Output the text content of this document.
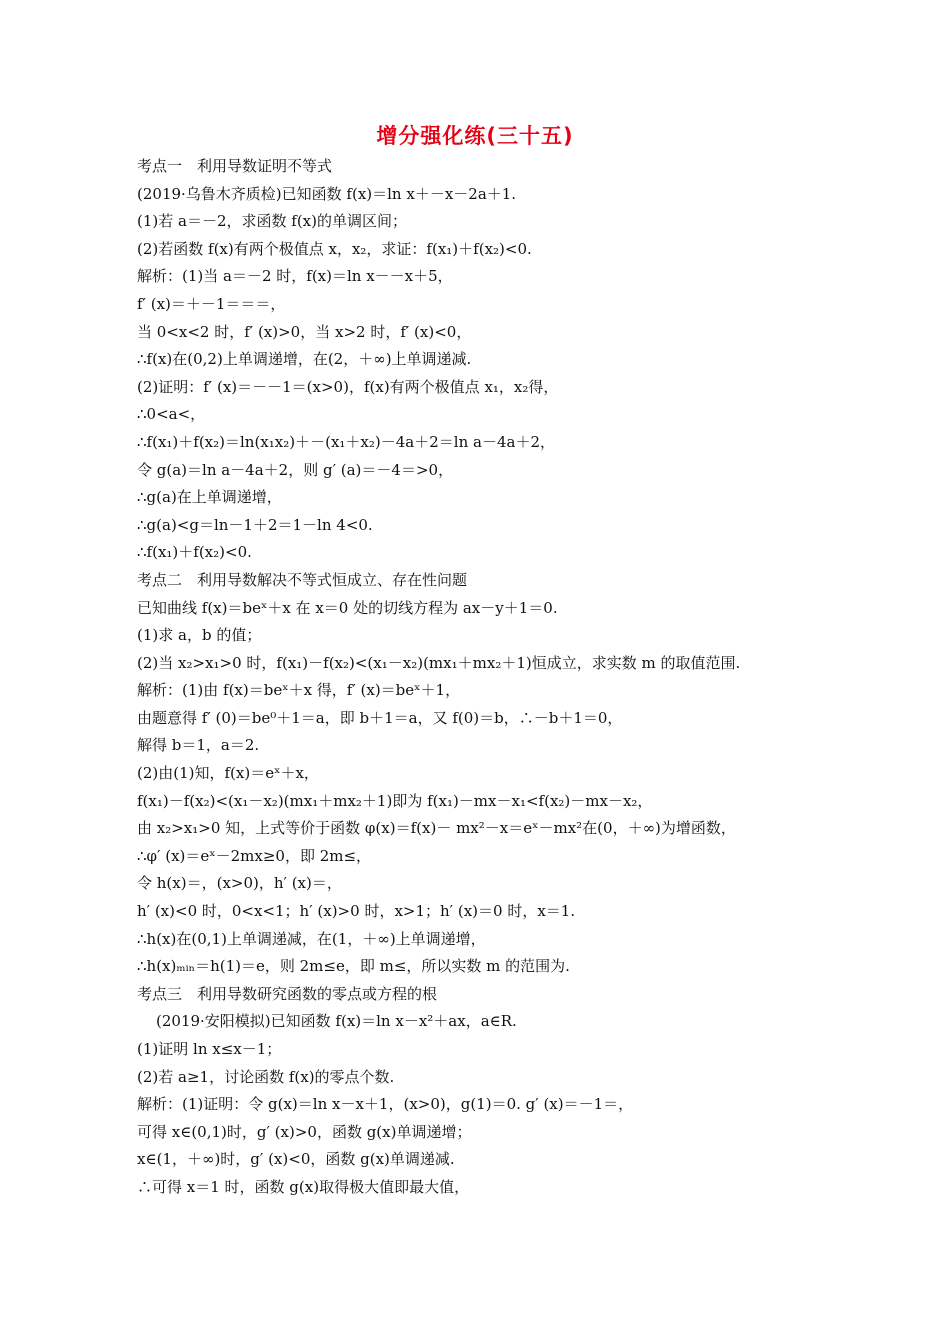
增分强化练(三十五)
考点一　利用导数证明不等式
(2019·乌鲁木齐质检)已知函数 f(x)＝ln x＋－x－2a＋1.
(1)若 a＝－2，求函数 f(x)的单调区间；
(2)若函数 f(x)有两个极值点 x，x₂，求证：f(x₁)＋f(x₂)<0.
解析：(1)当 a＝－2 时，f(x)＝ln x－－x＋5，
f′ (x)＝＋－1＝＝＝，
当 0<x<2 时，f′ (x)>0，当 x>2 时，f′ (x)<0，
∴f(x)在(0,2)上单调递增，在(2，＋∞)上单调递减.
(2)证明：f′ (x)＝－－1＝(x>0)，f(x)有两个极值点 x₁，x₂得，
∴0<a<，
∴f(x₁)＋f(x₂)＝ln(x₁x₂)＋－(x₁＋x₂)－4a＋2＝ln a－4a＋2，
令 g(a)＝ln a－4a＋2，则 g′ (a)＝－4＝>0，
∴g(a)在上单调递增，
∴g(a)<g＝ln－1＋2＝1－ln 4<0.
∴f(x₁)＋f(x₂)<0.
考点二　利用导数解决不等式恒成立、存在性问题
已知曲线 f(x)＝beˣ＋x 在 x＝0 处的切线方程为 ax－y＋1＝0.
(1)求 a，b 的值；
(2)当 x₂>x₁>0 时，f(x₁)－f(x₂)<(x₁－x₂)(mx₁＋mx₂＋1)恒成立，求实数 m 的取值范围.
解析：(1)由 f(x)＝beˣ＋x 得，f′ (x)＝beˣ＋1，
由题意得 f′ (0)＝be⁰＋1＝a，即 b＋1＝a，又 f(0)＝b，∴－b＋1＝0，
解得 b＝1，a＝2.
(2)由(1)知，f(x)＝eˣ＋x，
f(x₁)－f(x₂)<(x₁－x₂)(mx₁＋mx₂＋1)即为 f(x₁)－mx－x₁<f(x₂)－mx－x₂，
由 x₂>x₁>0 知，上式等价于函数 φ(x)＝f(x)－ mx²－x＝eˣ－mx²在(0，＋∞)为增函数，
∴φ′ (x)＝eˣ－2mx≥0，即 2m≤，
令 h(x)＝，(x>0)，h′ (x)＝，
h′ (x)<0 时，0<x<1；h′ (x)>0 时，x>1；h′ (x)＝0 时，x＝1.
∴h(x)在(0,1)上单调递减，在(1，＋∞)上单调递增，
∴h(x)ₘᵢₙ＝h(1)＝e，则 2m≤e，即 m≤，所以实数 m 的范围为.
考点三　利用导数研究函数的零点或方程的根
(2019·安阳模拟)已知函数 f(x)＝ln x－x²＋ax，a∈R.
(1)证明 ln x≤x－1；
(2)若 a≥1，讨论函数 f(x)的零点个数.
解析：(1)证明：令 g(x)＝ln x－x＋1，(x>0)，g(1)＝0. g′ (x)＝－1＝，
可得 x∈(0,1)时，g′ (x)>0，函数 g(x)单调递增；
x∈(1，＋∞)时，g′ (x)<0，函数 g(x)单调递减.
∴可得 x＝1 时，函数 g(x)取得极大值即最大值，
